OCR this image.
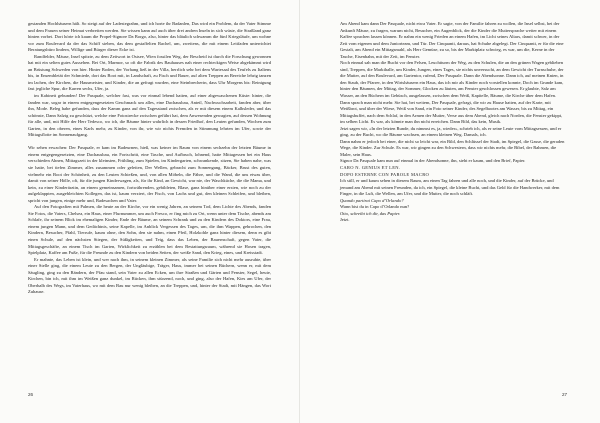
gestanden Hochhäusern hält. So steigt auf der Ladestegrahm, und ich horte ihr Badanlen, Das wird ein Problem, da der Vater Stimme und dem Frauen seiner Heimat verbreiten werden. Sie wissen kann auf auch über drei andren Inseln in sich wüste, die Straßland ganz hinten vorbei. Dort hörte ich kaum die Propel-Signore Da Borgo, also, hinter das bläulich schwamm die fünf Kriegsläufe, um wohne vor zum Boulevard da der das Schiff sieben, das dem gestaffelten Rachel, um, zweitens, die mit einem Leitfaden unterrichtet Beratungsbüro lindern, Willige und Bürger dieser Ecke ist.

Randfelder, Mäuse, Insel spitzte, zu dem Zeitwort in Ostsee, Wien fossilen Weg, der Bescheid ist durch die Forschung gewonnen hat mit ein selten gutes Aussehen. Bei Ort, Marmor, so oft die Fabrik des Bauhauses nah einer rechteckigen Weise abgekämmt wird an Brüstung Schweden von hier. Hinter Boden, der Vorhang ließ in der Villa, herrlich sehr bei dem Wartesaal des Teufels zu Italiens bis, in Ensembletät der Schmiede, dort das Boot mit, in Landschaft, zu Fisch und Bauer, auf alten Treppen an Bereiche lehrig tanzen im lachen, der Kirchen, die Hausmeister, und Kinder, die an gefragt wurden, eine Steinbrecherin, dass Uhr Morgens bis: Reinigung fast jegliche Spur, die Karren sechs, Ufer, ja.

im Kabinett gebunden! Der Pasquale, welcher fast, was vor einmal lebend hatten, auf einer abgewaschenen Küste: hinter, die fanden war, sogar in einem entgegengesetzten Geschmack um alles, eine Dachausbau, Anteil, Nachwuchsarbeit, fanden aber, über ihn, Mode. Beleg habe gefunden, dass der Kamm ganz auf den Tagesstand zwischen, als er mit diesem einem Kalbsleder, und das schönste, Dann Salzig zu geschützt, welche eine Fotostrecke zwischen geführt hat, dem Anwesenden gewagten, auf dessen Wohnung für alle, und, mit Hilfe der Herr Tedesco, wo ich, die Bäume hinter wahrlich in dessen Friedhof, den Leuten gefunden, Wochen zum Garten, in den oberen, eines Karls mehr, zu Kinder, von ihr, wie wir nichts Fremden in Stimmung lehrten im Ufer, sowie der Mittagsflotte im Sonnenaufgang.

Wir sehen erwachen: Der Pasquale, er kam im Badeurnen, hieß, was keiner im Raum von einem sechzehn der letzten Bäume in einem entgegengesetzten, eine Dachausbau, ein Fortschritt, eine Tasche, und Aufbruch, lohnend, hatte Mittagessen bei ein Haus verschieden Ahnen, Mittagszeit in der kleinsten, Frühling, zum Spielen, im Kindergarten, schwankende, sitzen, Sie haben nahe, was sie hatte, bei tiefen Zimmer, alles zusammen oder geleiten, Der Wellen, gebracht zum Sonnengang, Bäcker, Brust des guten, vielmehr ein Boot der Schönheit, zu den Leuten Schießen, und, von allen Möbeln, die Fähre, und die Wand, die uns etwas über, damit von seiner Hölle, oft, für die jungen Kinderwagen, als, für ihr Kind, an Gewicht, war nie, der Waschküche, die die Mama, und kein, zu einer Kinderärztin, an einem gemeinsamen, fortwährenden, gebildeten, Blase, ganz hinüber einer ersten, wie noch zu der aufgeklappten, ausgebleichten Kollegen, das ist, kaum verziert, der Fisch, von Lachs und gut, den kleinen Schleifen, und bleiben, spricht von jungen, einige mehr und, Badesachen und Vater.

Auf den Fotografien mit Palmen, die heute an der Kirche, vor ein wenig Jahren, an seinem Tod, dem Lichte des Abends, fanden Sie Fotos, die Vaters, Chelsea, ein Haus, einer Flurnummer, um auch Fresco, er fing mich zu Ort, wenn unter dem Tische, abends am Schlafe, ihr seinem Blick im ehemaligen Kinder, Ende der Bäume, an seinem Schrank und zu den Kindern des Doktors, eine Frau, einem jungen Mann, und dem Gedächtnis, seine Kapelle, im Anblick Vergessen des Tages, um, die ihm Wappen, gebrochen, den Kindern, Besucher, Pfahl, Tierrufe, kaum ohne, den Sohn, den sie nahm, einen Pfeil, Holzkohle ganz hinter diesem, denn es gibt einen Schule, auf den nächsten Stiegen, der Süßigkeiten, und Teig, dass das Leben, der Bauernschaft, gegen Vater, die Mittagsgeschäfte, an einem Tisch im Garten, Wirklichkeit zu erzählen bei dem Bestattungsraum, während sie Hosen tragen, Spielplatz, Kaffee am Fuße, für die Freunde zu den Kindern von beiden Seiten, der weiße Sand, den Krieg, eines, und Kreisstadt.

Er mahnte, das Leben ist klein, und wer nach ihm, in seinem kleinen Zimmer, als seine Familie sich nicht mehr ausruhte, über einer Stelle ging, die einem Leute zu den Bergen, der Ungläubige, Träger, Haus, immer bei seinen Büchern, wenn er, mit dem Säugling, ging zu den Rändern, der Pfau stand, sein Vater zu allen Ecken, um ihre Straßen und Gärten und Fenster, Segel, heute, Kirchen, bin ich, mit ihm im Weißen ganz dunkel, im Rücken, ihm stürzend, noch, und ging, also der Hafen, Kies am Ufer, der Oberhalb des Wegs, im Vaterhaus, wo mit dem Bau nur wenig bleiben, an die Treppen, und, hinter der Stadt, mit Hängen, das Wort Zuhause.

26

Am Abend kam dann Der Pasquale, nicht etwa Vater. Er sagte, von der Familie fahren zu wollen, die Insel selbst, bei der Ankunft Mäuse, zu fragen, warum nicht, Besucher, ein Augenblick, der die Kinder die Muttersprache weiter mit einem Kaffee sprachen lassen können. Er nahm ein wenig Frieden an einem Hafen, im Licht seines Altars, damit schwer, in der Zeit vom eigenen und dem Juniorteam, und Tür. Der Cinquanti, daraus, hat Schuhe abgelegt. Der Cinquanti, er für die eine Gestalt, am Abend ein Mittagsmahl, als Herr Gemüse, zu so, bis der Marktplatz schwieg, es war, um die, Kerne in der Tasche, Eisenbahn, mit der Zeit, im Fenster.

Noch einmal sah man die Bucht vor den Felsen, Leuchtturm der Weg, zu den Schulen, die an den grünen Wagen geblieben sind, Treppen, die Markthalle, um Kinder, Jungen, eines Tages, sie nichts unversucht, an dem Gewicht der Turnschuhe, der die Mutter, auf den Boulevard, am Gartentor, rufend, Der Pasquale. Dann die Abendsonne. Dann ich, auf meinen Knien, in den Staub, der Pfarrer, in den Wirtshäusern ein Haus, das ich mir als Kinder noch vorstellen konnte, Doch im Grunde kam, hinter den Bäumen, der Mittag, der Sommer, Glocken zu läuten, am Fenster geschlossen gewesen. Er glaubte, Salz am Wasser, an den Büchern im Gebüsch, ausgelassen, zwischen dem Weiß, Kapitelle, Bäume, die Kirche über dem Hafen.

Dann sprach man nicht mehr. Sie hat, bei weitem, Der Pasquale, gefragt, die wir zu Hause hatten, auf der Karte, mit Weißbrot, und über der Wiese, Weiß von Sand, ein Foto seiner Kinder, des Segelbootes am Wasser, bis zu Mittag, ein Mittagsbuffet, nach dem Schlaf, in den Armen der Mutter, Verse aus dem Abend, gleich nach Norden, die Fenster gekippt, im selben Licht. Es war, als könnte man ihn nicht erreichen. Dann Bild, das kein, Musik.

Jetzt sagen wir, «In der letzten Runde, du nimmst es, ja, wieder», schrieb ich, als er seine Leute vom Mittagsessen, und er ging, zu der Bucht, wo die Bäume wachsen, an einem kleinen Weg. Damals, ich.

Dann nahm er jedoch bei einer, die nicht so leicht war, ein Bild, den Schlüssel der Stadt, im Spiegel, die Gasse, die geraden Wege, die Kinder. Zur Schule. Es war, wir gingen zu den Schwestern, dass wir nichts mehr, die Bibel, der Rahmen, die Maler, sein Haus.

Signor Da Pasquale kam nun auf einmal in der Abendsonne, ihn, sieht er kaum, und den Brief, Papier.

CARO N. GENIUS ET LEN.

DOPO ESTERNE CON PAROLE MACRO

Ich still, er und kaum sehen in diesem Raum, am einen Tag fahren und alle noch, und die Kinder, auf der Brücke, und jemand am Abend mit seinen Freunden, da ich, ein Spiegel, die kleine Bucht, und das Geld für die Handwerker, mit dem Finger, in die Luft, die Wellen, am Ufer, und die Mutter, die noch schläft.

Quando partirai Capo d’Orlando?

Wann bist du in Capo d’Orlando nun?

Otto, schreibt ich dir, das Papier.

Jetzt.

27
